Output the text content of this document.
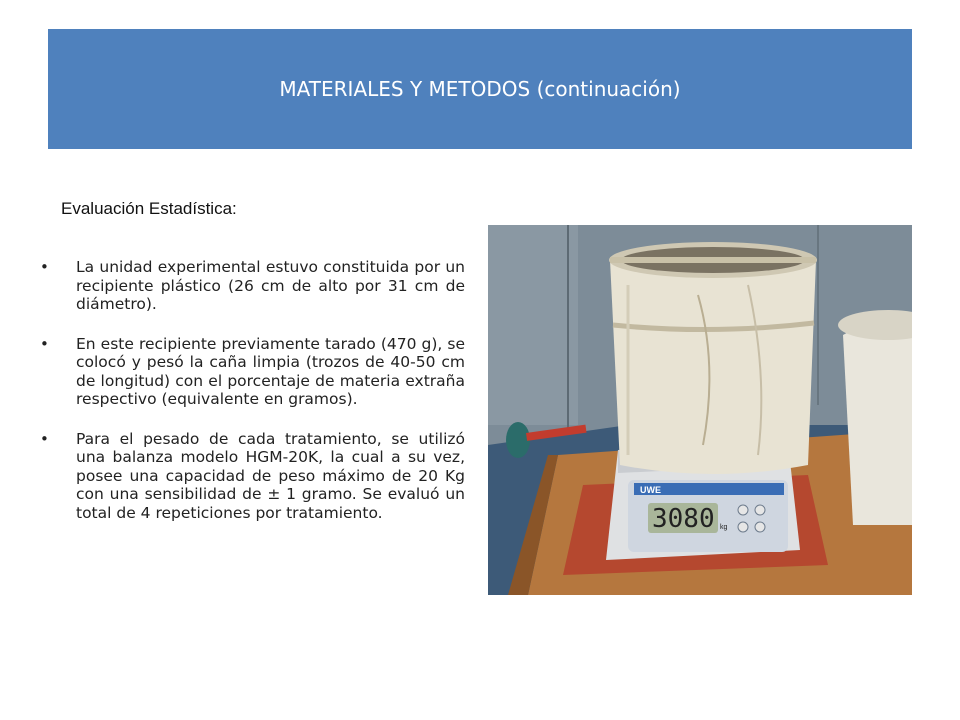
MATERIALES Y METODOS (continuación)
Evaluación Estadística:
• La unidad experimental estuvo constituida por un recipiente plástico (26 cm de alto por 31 cm de diámetro).
• En este recipiente previamente tarado (470 g), se colocó y pesó la caña limpia (trozos de 40-50 cm de longitud) con el porcentaje de materia extraña respectivo (equivalente en gramos).
• Para el pesado de cada tratamiento, se utilizó una balanza modelo HGM-20K, la cual a su vez, posee una capacidad de peso máximo de 20 Kg con una sensibilidad de ± 1 gramo. Se evaluó un total de 4 repeticiones por tratamiento.
UWE
3080 kg
